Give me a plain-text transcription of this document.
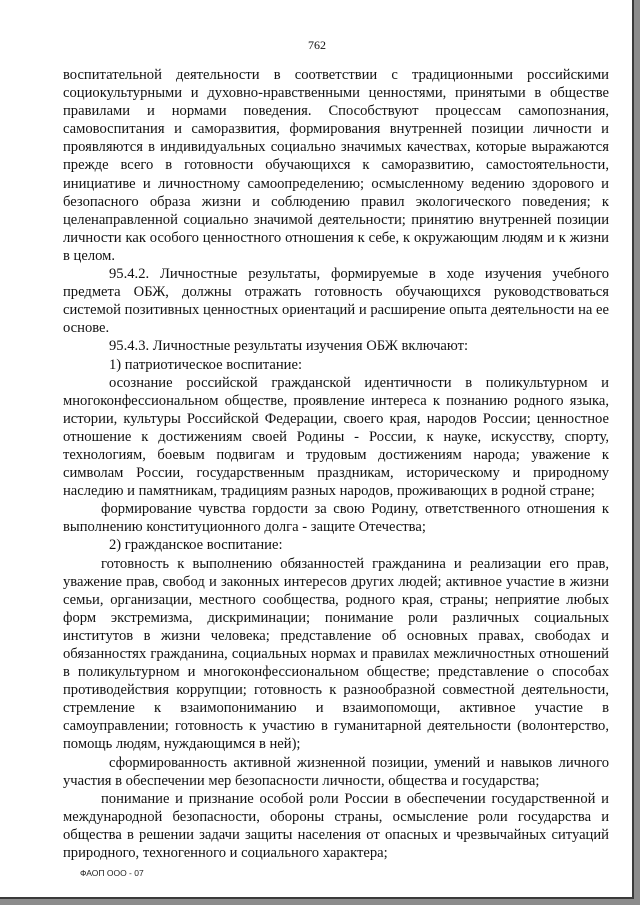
762

воспитательной деятельности в соответствии с традиционными российскими социокультурными и духовно-нравственными ценностями, принятыми в обществе правилами и нормами поведения. Способствуют процессам самопознания, самовоспитания и саморазвития, формирования внутренней позиции личности и проявляются в индивидуальных социально значимых качествах, которые выражаются прежде всего в готовности обучающихся к саморазвитию, самостоятельности, инициативе и личностному самоопределению; осмысленному ведению здорового и безопасного образа жизни и соблюдению правил экологического поведения; к целенаправленной социально значимой деятельности; принятию внутренней позиции личности как особого ценностного отношения к себе, к окружающим людям и к жизни в целом.

95.4.2. Личностные результаты, формируемые в ходе изучения учебного предмета ОБЖ, должны отражать готовность обучающихся руководствоваться системой позитивных ценностных ориентаций и расширение опыта деятельности на ее основе.

95.4.3. Личностные результаты изучения ОБЖ включают:

1) патриотическое воспитание:

осознание российской гражданской идентичности в поликультурном и многоконфессиональном обществе, проявление интереса к познанию родного языка, истории, культуры Российской Федерации, своего края, народов России; ценностное отношение к достижениям своей Родины - России, к науке, искусству, спорту, технологиям, боевым подвигам и трудовым достижениям народа; уважение к символам России, государственным праздникам, историческому и природному наследию и памятникам, традициям разных народов, проживающих в родной стране;

формирование чувства гордости за свою Родину, ответственного отношения к выполнению конституционного долга - защите Отечества;

2) гражданское воспитание:

готовность к выполнению обязанностей гражданина и реализации его прав, уважение прав, свобод и законных интересов других людей; активное участие в жизни семьи, организации, местного сообщества, родного края, страны; неприятие любых форм экстремизма, дискриминации; понимание роли различных социальных институтов в жизни человека; представление об основных правах, свободах и обязанностях гражданина, социальных нормах и правилах межличностных отношений в поликультурном и многоконфессиональном обществе; представление о способах противодействия коррупции; готовность к разнообразной совместной деятельности, стремление к взаимопониманию и взаимопомощи, активное участие в самоуправлении; готовность к участию в гуманитарной деятельности (волонтерство, помощь людям, нуждающимся в ней);

сформированность активной жизненной позиции, умений и навыков личного участия в обеспечении мер безопасности личности, общества и государства;

понимание и признание особой роли России в обеспечении государственной и международной безопасности, обороны страны, осмысление роли государства и общества в решении задачи защиты населения от опасных и чрезвычайных ситуаций природного, техногенного и социального характера;

ФАОП ООО - 07
